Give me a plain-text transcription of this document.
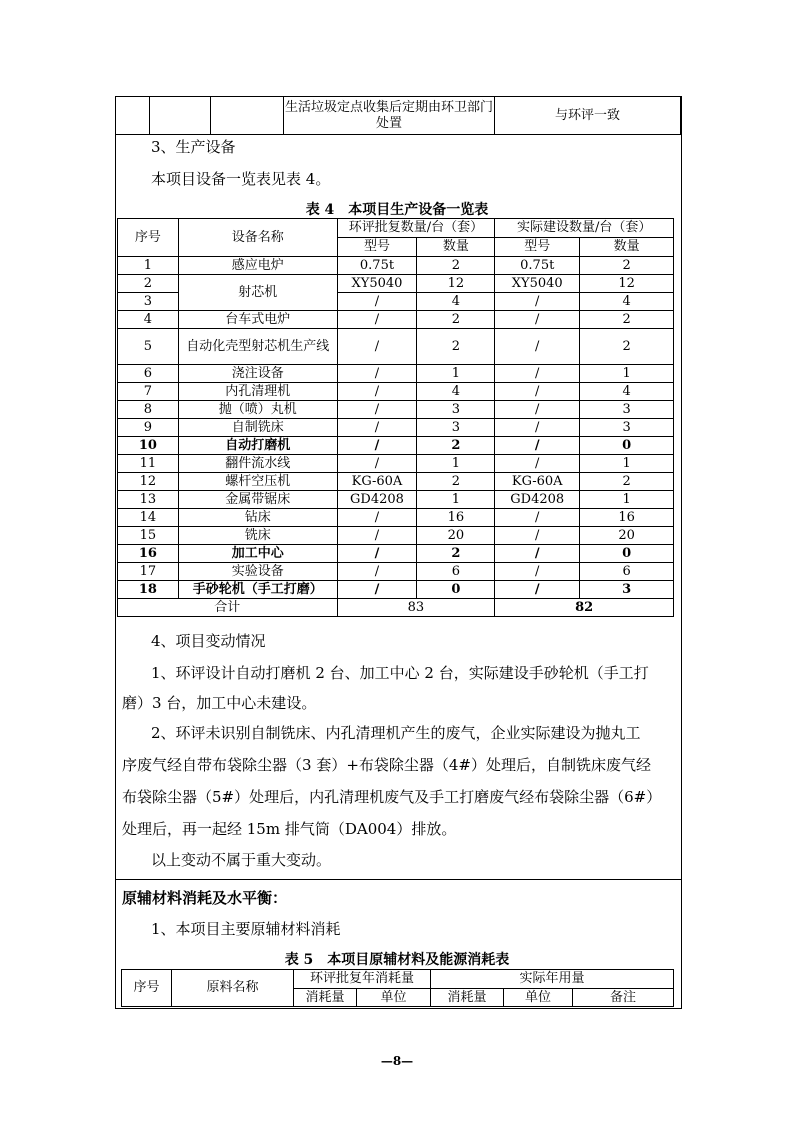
			生活垃圾定点收集后定期由环卫部门处置	与环评一致
3、生产设备
本项目设备一览表见表 4。
表 4　本项目生产设备一览表
序号	设备名称	环评批复数量/台（套）		实际建设数量/台（套）	
		型号	数量	型号	数量
1	感应电炉	0.75t	2	0.75t	2
2	射芯机	XY5040	12	XY5040	12
3		/	4	/	4
4	台车式电炉	/	2	/	2
5	自动化壳型射芯机生产线	/	2	/	2
6	浇注设备	/	1	/	1
7	内孔清理机	/	4	/	4
8	抛（喷）丸机	/	3	/	3
9	自制铣床	/	3	/	3
10	自动打磨机	/	2	/	0
11	翻件流水线	/	1	/	1
12	螺杆空压机	KG-60A	2	KG-60A	2
13	金属带锯床	GD4208	1	GD4208	1
14	钻床	/	16	/	16
15	铣床	/	20	/	20
16	加工中心	/	2	/	0
17	实验设备	/	6	/	6
18	手砂轮机（手工打磨）	/	0	/	3
合计		83		82	
4、项目变动情况
1、环评设计自动打磨机 2 台、加工中心 2 台，实际建设手砂轮机（手工打
磨）3 台，加工中心未建设。
2、环评未识别自制铣床、内孔清理机产生的废气，企业实际建设为抛丸工
序废气经自带布袋除尘器（3 套）+布袋除尘器（4#）处理后，自制铣床废气经
布袋除尘器（5#）处理后，内孔清理机废气及手工打磨废气经布袋除尘器（6#）
处理后，再一起经 15m 排气筒（DA004）排放。
以上变动不属于重大变动。
原辅材料消耗及水平衡：
1、本项目主要原辅材料消耗
表 5　本项目原辅材料及能源消耗表
序号	原料名称	环评批复年消耗量		实际年用量		
		消耗量	单位	消耗量	单位	备注
—8—
